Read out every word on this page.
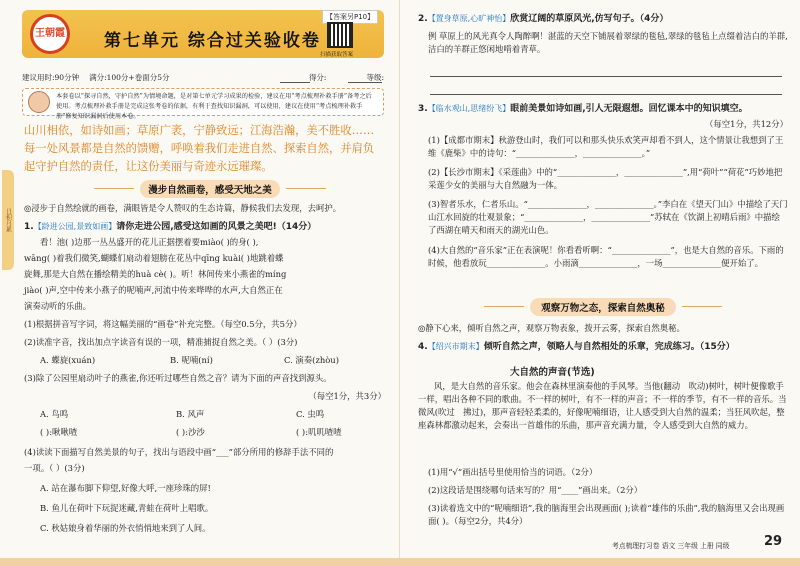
王朝霞 第七单元 综合过关验收卷
【答案另P10】
扫描获取答案
建议用时:90分钟 满分:100分+卷面分5分	得分:	等级:
本套卷以“探寻自然，守护自然”为情境命题，是对第七单元学习成果的检验，建议在用“考点梳理补救手册”备考之后使用。考点梳理补救手册是完成这张考卷的依据，有利于查找知识漏洞，可以使用，建议在使用“考点梳理补救手册”修复知识漏洞后使用本卷。
山川相依，如诗如画；草原广袤，宁静致远；江海浩瀚，美不胜收……每一处风景都是自然的馈赠，呼唤着我们走进自然、探索自然，并肩负起守护自然的责任，让这份美丽与奇迹永远璀璨。
日积月累
漫步自然画卷，感受天地之美
◎浸步于自然绘就的画卷，满眼皆是令人赞叹的生态诗篇，静候我们去发现，去呵护。
1.【龄进公园,景致如画】请你走进公园,感受这如画的风景之美吧!（14分）
看！池( )边那一丛丛盛开的花儿正据摆着要miào( )的身( ),
wāng( )着我们微笑,蝴蝶们扇动着翅膀在花丛中qīng kuài( )地跳着蝶
旋舞,那是大自然在播绘精美的huà cè( )。听！林间传来小燕雀的míng
jiào( )声,空中传来小燕子的呢喃声,河流中传来哗哗的水声,大自然正在
演奏动听的乐曲。
(1)根据拼音写字词，将这幅美丽的“画卷”补充完整。（每空0.5分，共5分）
(2)读准字音，找出加点字读音有误的一项，精准捕捉自然之美。（ ）(3分)
A. 蝶旋(xuán)	B. 呢喃(ní)	C. 演奏(zhòu)
(3)除了公园里扇动叶子的燕雀,你还听过哪些自然之音？请为下面的声音找到源头。
（每空1分，共3分）
A. 鸟鸣	B. 风声	C. 虫鸣
( ):啾啾喳	( ):沙沙	( ):叽叽喳喳
(4)读读下面描写自然美景的句子，找出与语段中画“___”部分所用的修辞手法不同的
一项。（ ）(3分)
A. 站在瀑布脚下仰望,好像大呼,一座珍珠的屏!
B. 鱼儿在荷叶下玩捉迷藏,青蛙在荷叶上唱歌。
C. 秋姑娘身着华丽的外衣悄悄地来到了人间。
2.【置身草原,心旷神怡】欣赏辽阔的草原风光,仿写句子。（4分）
例 草原上的风光真令人陶醉啊！湛蓝的天空下铺展着翠绿的毯毡,翠绿的毯毡上点缀着洁白的羊群,洁白的羊群正悠闲地啃着青草。
3.【临水观山,思绪纷飞】眼前美景如诗如画,引人无限遐想。回忆课本中的知识填空。
（每空1分，共12分）
(1)【成都市期末】秋游登山时，我们可以和那头快乐欢笑声却看不到人，这个情景让我想到了王维《鹿柴》中的诗句：“______________，______________。”
(2)【长沙市期末】《采莲曲》中的“______________，______________”,用“荷叶”“荷花”巧妙地把采莲少女的美丽与大自然融为一体。
(3)智者乐水，仁者乐山。“______________，______________。”李白在《望天门山》中描绘了天门山江水回旋的壮观景象；“______________，______________”苏轼在《饮湖上初晴后雨》中描绘了西湖在晴天和雨天的湖光山色。
(4)大自然的“音乐家”正在表演呢！你看看听啊：“______________”，也是大自然的音乐。下雨的时候，他看放玩______________。小雨滴______________，一场______________便开始了。
观察万物之态，探索自然奥秘
◎静下心来，倾听自然之声，观察万物表象，拨开云雾，探索自然奥秘。
4.【绍兴市期末】倾听自然之声，领略人与自然相处的乐章，完成练习。（15分）
大自然的声音(节选)
风，是大自然的音乐家。他会在森林里演奏他的手风琴。当他(翻动　吹动)树叶，树叶便像歌手一样，唱出各种不同的歌曲。不一样的树叶，有不一样的声音；不一样的季节，有不一样的音乐。当微风(吹过　拂过)，那声音轻轻柔柔的，好像呢喃细语，让人感受到大自然的温柔；当狂风吹起，整座森林都激动起来，会奏出一首雄伟的乐曲，那声音充满力量，令人感受到大自然的威力。
(1)用“√”画出括号里使用恰当的词语。（2分）
(2)这段话是围绕哪句话来写的？用“____”画出来。（2分）
(3)读着选文中的“呢喃细语”,我的脑海里会出现画面( );读着“雄伟的乐曲”,我的脑海里又会出现画面( )。（每空2分，共4分）
考点梳理打习卷 语文 三年级 上册 同级	29
